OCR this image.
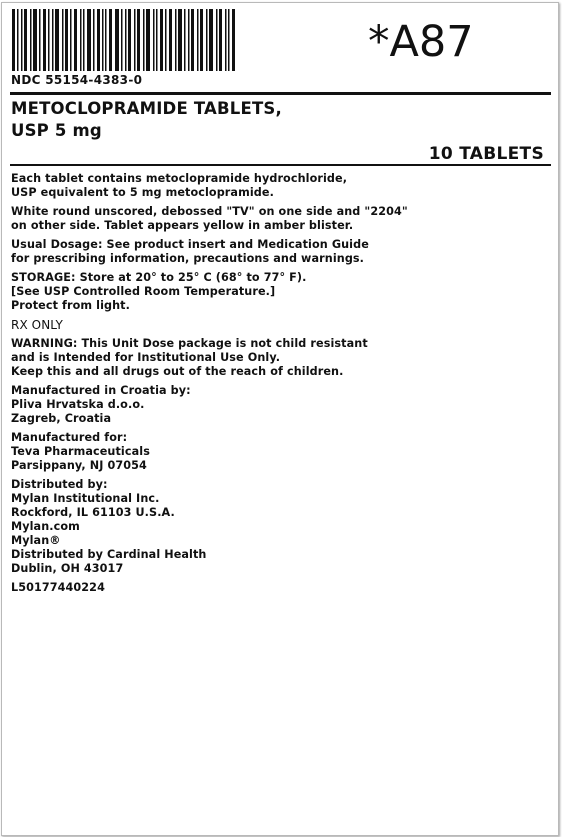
NDC 55154-4383-0
*A87
METOCLOPRAMIDE TABLETS,
USP 5 mg
10 TABLETS
Each tablet contains metoclopramide hydrochloride,
USP equivalent to 5 mg metoclopramide.
White round unscored, debossed "TV" on one side and "2204"
on other side. Tablet appears yellow in amber blister.
Usual Dosage: See product insert and Medication Guide
for prescribing information, precautions and warnings.
STORAGE: Store at 20° to 25° C (68° to 77° F).
[See USP Controlled Room Temperature.]
Protect from light.
RX ONLY
WARNING: This Unit Dose package is not child resistant
and is Intended for Institutional Use Only.
Keep this and all drugs out of the reach of children.
Manufactured in Croatia by:
Pliva Hrvatska d.o.o.
Zagreb, Croatia
Manufactured for:
Teva Pharmaceuticals
Parsippany, NJ 07054
Distributed by:
Mylan Institutional Inc.
Rockford, IL 61103 U.S.A.
Mylan.com
Mylan®
Distributed by Cardinal Health
Dublin, OH 43017
L50177440224
